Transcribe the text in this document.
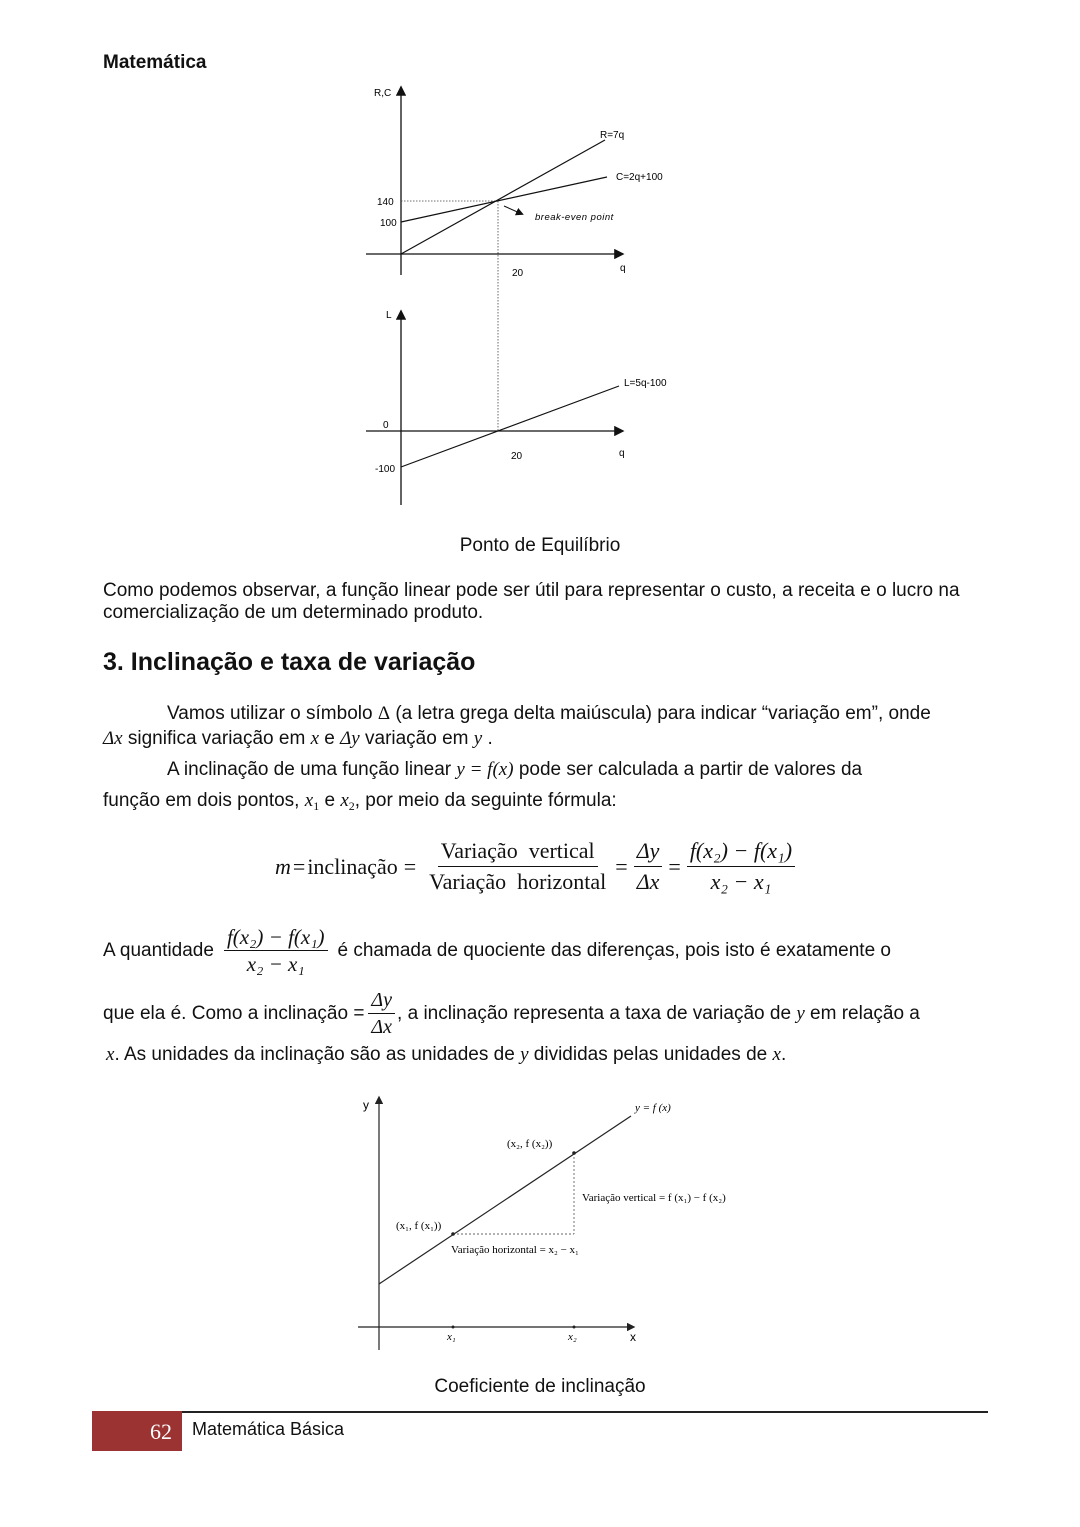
Matemática
R,C
q
140
100
20
R=7q
C=2q+100
break-even point
L
q
0
-100
20
L=5q-100
Ponto de Equilíbrio
Como podemos observar, a função linear pode ser útil para representar o custo, a receita e o lucro na comercialização de um determinado produto.
3. Inclinação e taxa de variação
Vamos utilizar o símbolo Δ (a letra grega delta maiúscula) para indicar “variação em”, onde
Δx significa variação em x e Δy variação em y .
A inclinação de uma função linear y = f(x) pode ser calculada a partir de valores da
função em dois pontos, $x_1$ e $x_2$, por meio da seguinte fórmula:
m = inclinação = $\frac{\text{Variação  vertical}}{\text{Variação  horizontal}} = \frac{\Delta y}{\Delta x} = \frac{\text{f(x₂) − f(x₁)}}{\text{x₂ − x₁}}$
A quantidade $\frac{\text{f(x₂) − f(x₁)}}{\text{x₂ − x₁}}$ é chamada de quociente das diferenças, pois isto é exatamente o
que ela é. Como a inclinação = $\frac{\Delta y}{\Delta x}$ , a inclinação representa a taxa de variação de y em relação a
x. As unidades da inclinação são as unidades de y divididas pelas unidades de x.
y
x
y = f (x)
(x₁, f (x₁))
(x₂, f (x₂))
Variação vertical = f (x₁) − f (x₂)
Variação horizontal = x₂ − x₁
x₁	x₂
Coeficiente de inclinação
62	Matemática Básica
